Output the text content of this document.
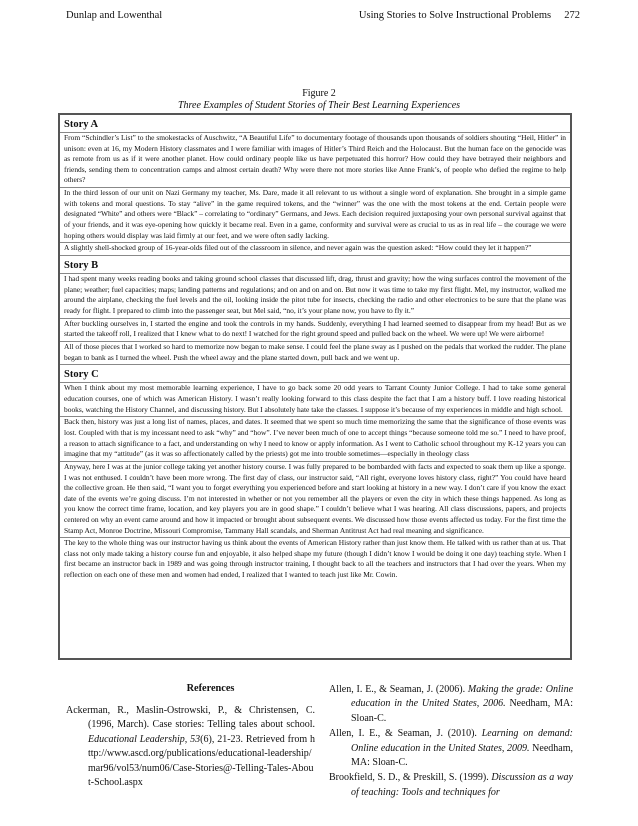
Dunlap and Lowenthal	Using Stories to Solve Instructional Problems     272
Figure 2
Three Examples of Student Stories of Their Best Learning Experiences
Story A

From “Schindler’s List” to the smokestacks of Auschwitz, “A Beautiful Life” to documentary footage of thousands upon thousands of soldiers shouting “Heil, Hitler” in unison: even at 16, my Modern History classmates and I were familiar with images of Hitler’s Third Reich and the Holocaust. But the human face on the genocide was as remote from us as if it were another planet. How could ordinary people like us have perpetuated this horror? How could they have betrayed their neighbors and friends, sending them to concentration camps and almost certain death? Why were there not more stories like Anne Frank’s, of people who defied the regime to help others?

In the third lesson of our unit on Nazi Germany my teacher, Ms. Dare, made it all relevant to us without a single word of explanation. She brought in a simple game with tokens and moral questions. To stay “alive” in the game required tokens, and the “winner” was the one with the most tokens at the end. Certain people were designated “White” and others were “Black” – correlating to “ordinary” Germans, and Jews. Each decision required juxtaposing your own personal survival against that of your friends, and it was eye-opening how quickly it became real. Even in a game, conformity and survival were as crucial to us as in real life – the courage we were hoping others would display was laid firmly at our feet, and we were often sadly lacking.

A slightly shell-shocked group of 16-year-olds filed out of the classroom in silence, and never again was the question asked: “How could they let it happen?”

Story B

I had spent many weeks reading books and taking ground school classes that discussed lift, drag, thrust and gravity; how the wing surfaces control the movement of the plane; weather; fuel capacities; maps; landing patterns and regulations; and on and on and on. But now it was time to take my first flight. Mel, my instructor, walked me around the airplane, checking the fuel levels and the oil, looking inside the pitot tube for insects, checking the radio and other electronics to be sure that the plane was ready for flight. I prepared to climb into the passenger seat, but Mel said, “no, it’s your plane now, you have to fly it.”

After buckling ourselves in, I started the engine and took the controls in my hands. Suddenly, everything I had learned seemed to disappear from my head! But as we started the takeoff roll, I realized that I knew what to do next! I watched for the right ground speed and pulled back on the wheel. We were up! We were airborne!

All of those pieces that I worked so hard to memorize now began to make sense. I could feel the plane sway as I pushed on the pedals that worked the rudder. The plane began to bank as I turned the wheel. Push the wheel away and the plane started down, pull back and we went up.

Story C

When I think about my most memorable learning experience, I have to go back some 20 odd years to Tarrant County Junior College. I had to take some general education courses, one of which was American History. I wasn’t really looking forward to this class despite the fact that I am a history buff. I love reading historical books, watching the History Channel, and discussing history. But I absolutely hate take the classes. I suppose it’s because of my experiences in middle and high school.

Back then, history was just a long list of names, places, and dates. It seemed that we spent so much time memorizing the same that the significance of those events was lost. Coupled with that is my incessant need to ask “why” and “how”. I’ve never been much of one to accept things “because someone told me so.” I need to have proof, a reason to attach significance to a fact, and understanding on why I need to know or apply information. As I went to Catholic school throughout my K-12 years you can imagine that my “attitude” (as it was so affectionately called by the priests) got me into trouble sometimes—especially in theology class

Anyway, here I was at the junior college taking yet another history course. I was fully prepared to be bombarded with facts and expected to soak them up like a sponge. I was not enthused. I couldn’t have been more wrong. The first day of class, our instructor said, “All right, everyone loves history class, right?” You could have heard the collective groan. He then said, “I want you to forget everything you experienced before and start looking at history in a new way. I don’t care if you know the exact date of the events we’re going discuss. I’m not interested in whether or not you remember all the players or even the city in which these things happened. As long as you know the correct time frame, location, and key players you are in good shape.” I couldn’t believe what I was hearing. All class discussions, papers, and projects centered on why an event came around and how it impacted or brought about subsequent events. We discussed how those events affected us today. For the first time the Stamp Act, Monroe Doctrine, Missouri Compromise, Tammany Hall scandals, and Sherman Antitrust Act had real meaning and significance.

The key to the whole thing was our instructor having us think about the events of American History rather than just know them. He talked with us rather than at us. That class not only made taking a history course fun and enjoyable, it also helped shape my future (though I didn’t know I would be doing it one day) teaching style. When I first became an instructor back in 1989 and was going through instructor training, I thought back to all the teachers and instructors that I had over the years. When my reflection on each one of these men and women had ended, I realized that I wanted to teach just like Mr. Cowin.

References

Ackerman, R., Maslin-Ostrowski, P., & Christensen, C. (1996, March). Case stories: Telling tales about school. Educational Leadership, 53(6), 21-23. Retrieved from http://www.ascd.org/publications/educational-leadership/mar96/vol53/num06/Case-Stories@-Telling-Tales-About-School.aspx

Allen, I. E., & Seaman, J. (2006). Making the grade: Online education in the United States, 2006. Needham, MA: Sloan-C.

Allen, I. E., & Seaman, J. (2010). Learning on demand: Online education in the United States, 2009. Needham, MA: Sloan-C.

Brookfield, S. D., & Preskill, S. (1999). Discussion as a way of teaching: Tools and techniques for
